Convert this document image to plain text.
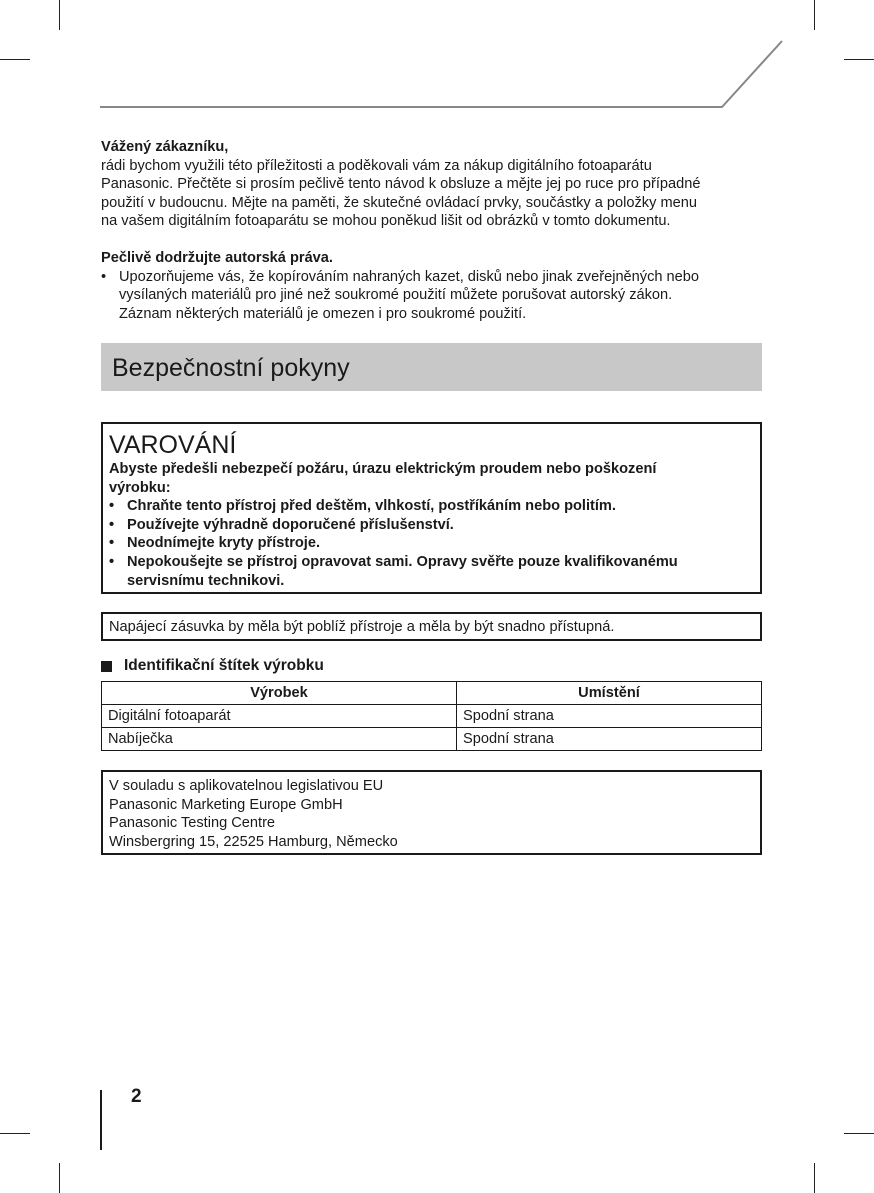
Vážený zákazníku,
rádi bychom využili této příležitosti a poděkovali vám za nákup digitálního fotoaparátu
Panasonic. Přečtěte si prosím pečlivě tento návod k obsluze a mějte jej po ruce pro případné
použití v budoucnu. Mějte na paměti, že skutečné ovládací prvky, součástky a položky menu
na vašem digitálním fotoaparátu se mohou poněkud lišit od obrázků v tomto dokumentu.
Pečlivě dodržujte autorská práva.
• Upozorňujeme vás, že kopírováním nahraných kazet, disků nebo jinak zveřejněných nebo
vysílaných materiálů pro jiné než soukromé použití můžete porušovat autorský zákon.
Záznam některých materiálů je omezen i pro soukromé použití.
Bezpečnostní pokyny
VAROVÁNÍ
Abyste předešli nebezpečí požáru, úrazu elektrickým proudem nebo poškození
výrobku:
• Chraňte tento přístroj před deštěm, vlhkostí, postříkáním nebo politím.
• Používejte výhradně doporučené příslušenství.
• Neodnímejte kryty přístroje.
• Nepokoušejte se přístroj opravovat sami. Opravy svěřte pouze kvalifikovanému
servisnímu technikovi.
Napájecí zásuvka by měla být poblíž přístroje a měla by být snadno přístupná.
Identifikační štítek výrobku
Výrobek	Umístění
Digitální fotoaparát	Spodní strana
Nabíječka	Spodní strana
V souladu s aplikovatelnou legislativou EU
Panasonic Marketing Europe GmbH
Panasonic Testing Centre
Winsbergring 15, 22525 Hamburg, Německo
2
